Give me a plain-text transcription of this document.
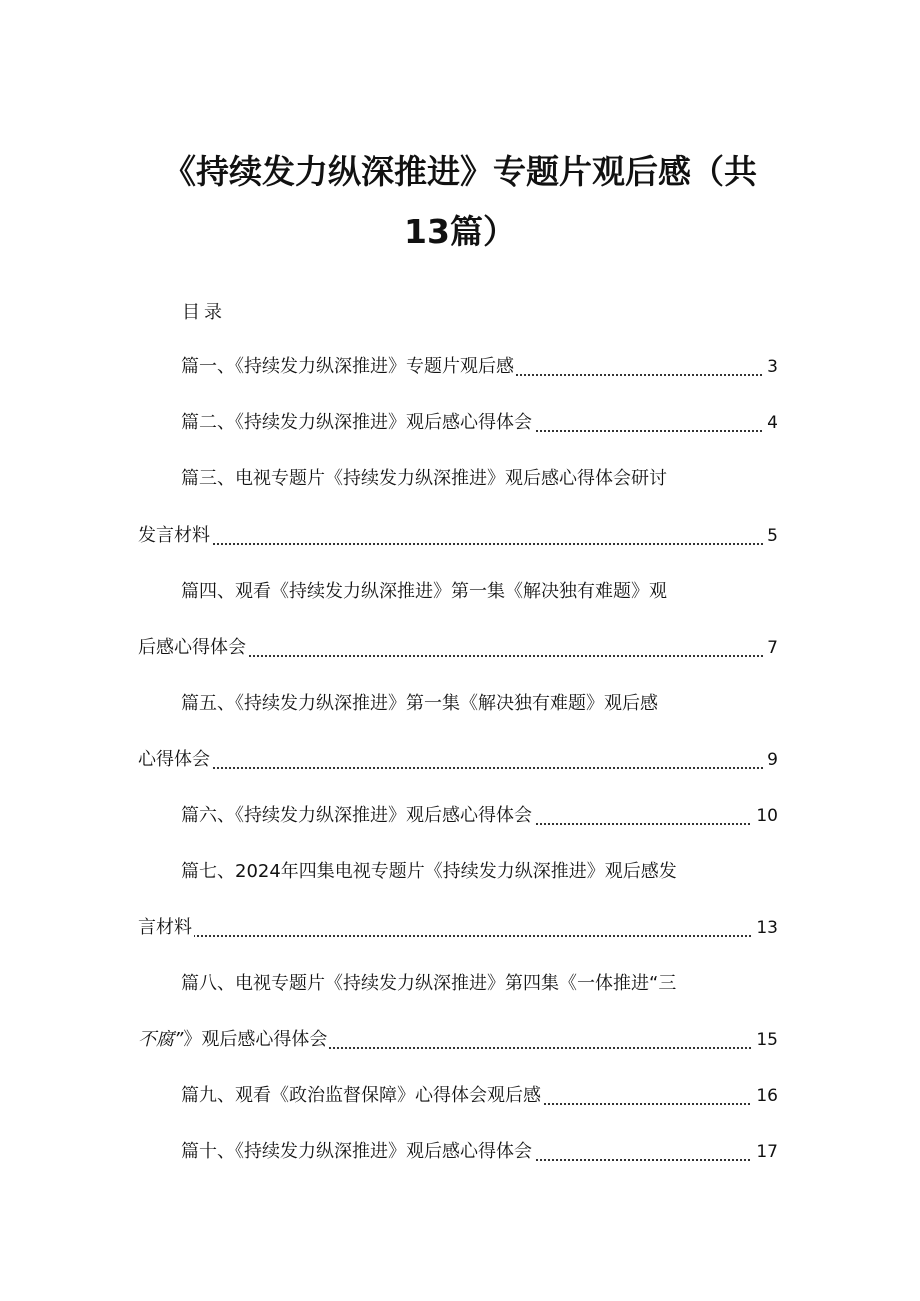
《持续发力纵深推进》专题片观后感（共
13篇）
目录
篇一、《持续发力纵深推进》专题片观后感	3
篇二、《持续发力纵深推进》观后感心得体会	4
篇三、电视专题片《持续发力纵深推进》观后感心得体会研讨
发言材料	5
篇四、观看《持续发力纵深推进》第一集《解决独有难题》观
后感心得体会	7
篇五、《持续发力纵深推进》第一集《解决独有难题》观后感
心得体会	9
篇六、《持续发力纵深推进》观后感心得体会	10
篇七、2024年四集电视专题片《持续发力纵深推进》观后感发
言材料	13
篇八、电视专题片《持续发力纵深推进》第四集《一体推进“三
不腐”》观后感心得体会	15
篇九、观看《政治监督保障》心得体会观后感	16
篇十、《持续发力纵深推进》观后感心得体会	17
